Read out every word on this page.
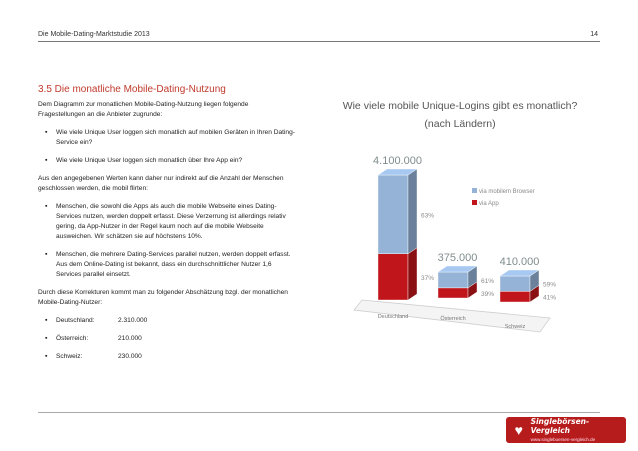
Die Mobile-Dating-Marktstudie 2013	14
3.5 Die monatliche Mobile-Dating-Nutzung

Dem Diagramm zur monatlichen Mobile-Dating-Nutzung liegen folgende Fragestellungen an die Anbieter zugrunde:

▪ Wie viele Unique User loggen sich monatlich auf mobilen Geräten in Ihren Dating-Service ein?
▪ Wie viele Unique User loggen sich monatlich über Ihre App ein?

Aus den angegebenen Werten kann daher nur indirekt auf die Anzahl der Menschen geschlossen werden, die mobil flirten:

▪ Menschen, die sowohl die Apps als auch die mobile Webseite eines Dating-Services nutzen, werden doppelt erfasst. Diese Verzerrung ist allerdings relativ gering, da App-Nutzer in der Regel kaum noch auf die mobile Webseite ausweichen. Wir schätzen sie auf höchstens 10%.
▪ Menschen, die mehrere Dating-Services parallel nutzen, werden doppelt erfasst. Aus dem Online-Dating ist bekannt, dass ein durchschnittlicher Nutzer 1,6 Services parallel einsetzt.

Durch diese Korrekturen kommt man zu folgender Abschätzung bzgl. der monatlichen Mobile-Dating-Nutzer:

▪ Deutschland:	2.310.000
▪ Österreich:	210.000
▪ Schweiz:	230.000
Wie viele mobile Unique-Logins gibt es monatlich?
(nach Ländern)
4.100.000
63%
37%
Deutschland
375.000
61%
39%
Österreich
410.000
59%
41%
Schweiz
via mobilem Browser
via App
♥
Singlebörsen-Vergleich
www.singleboersen-vergleich.de
